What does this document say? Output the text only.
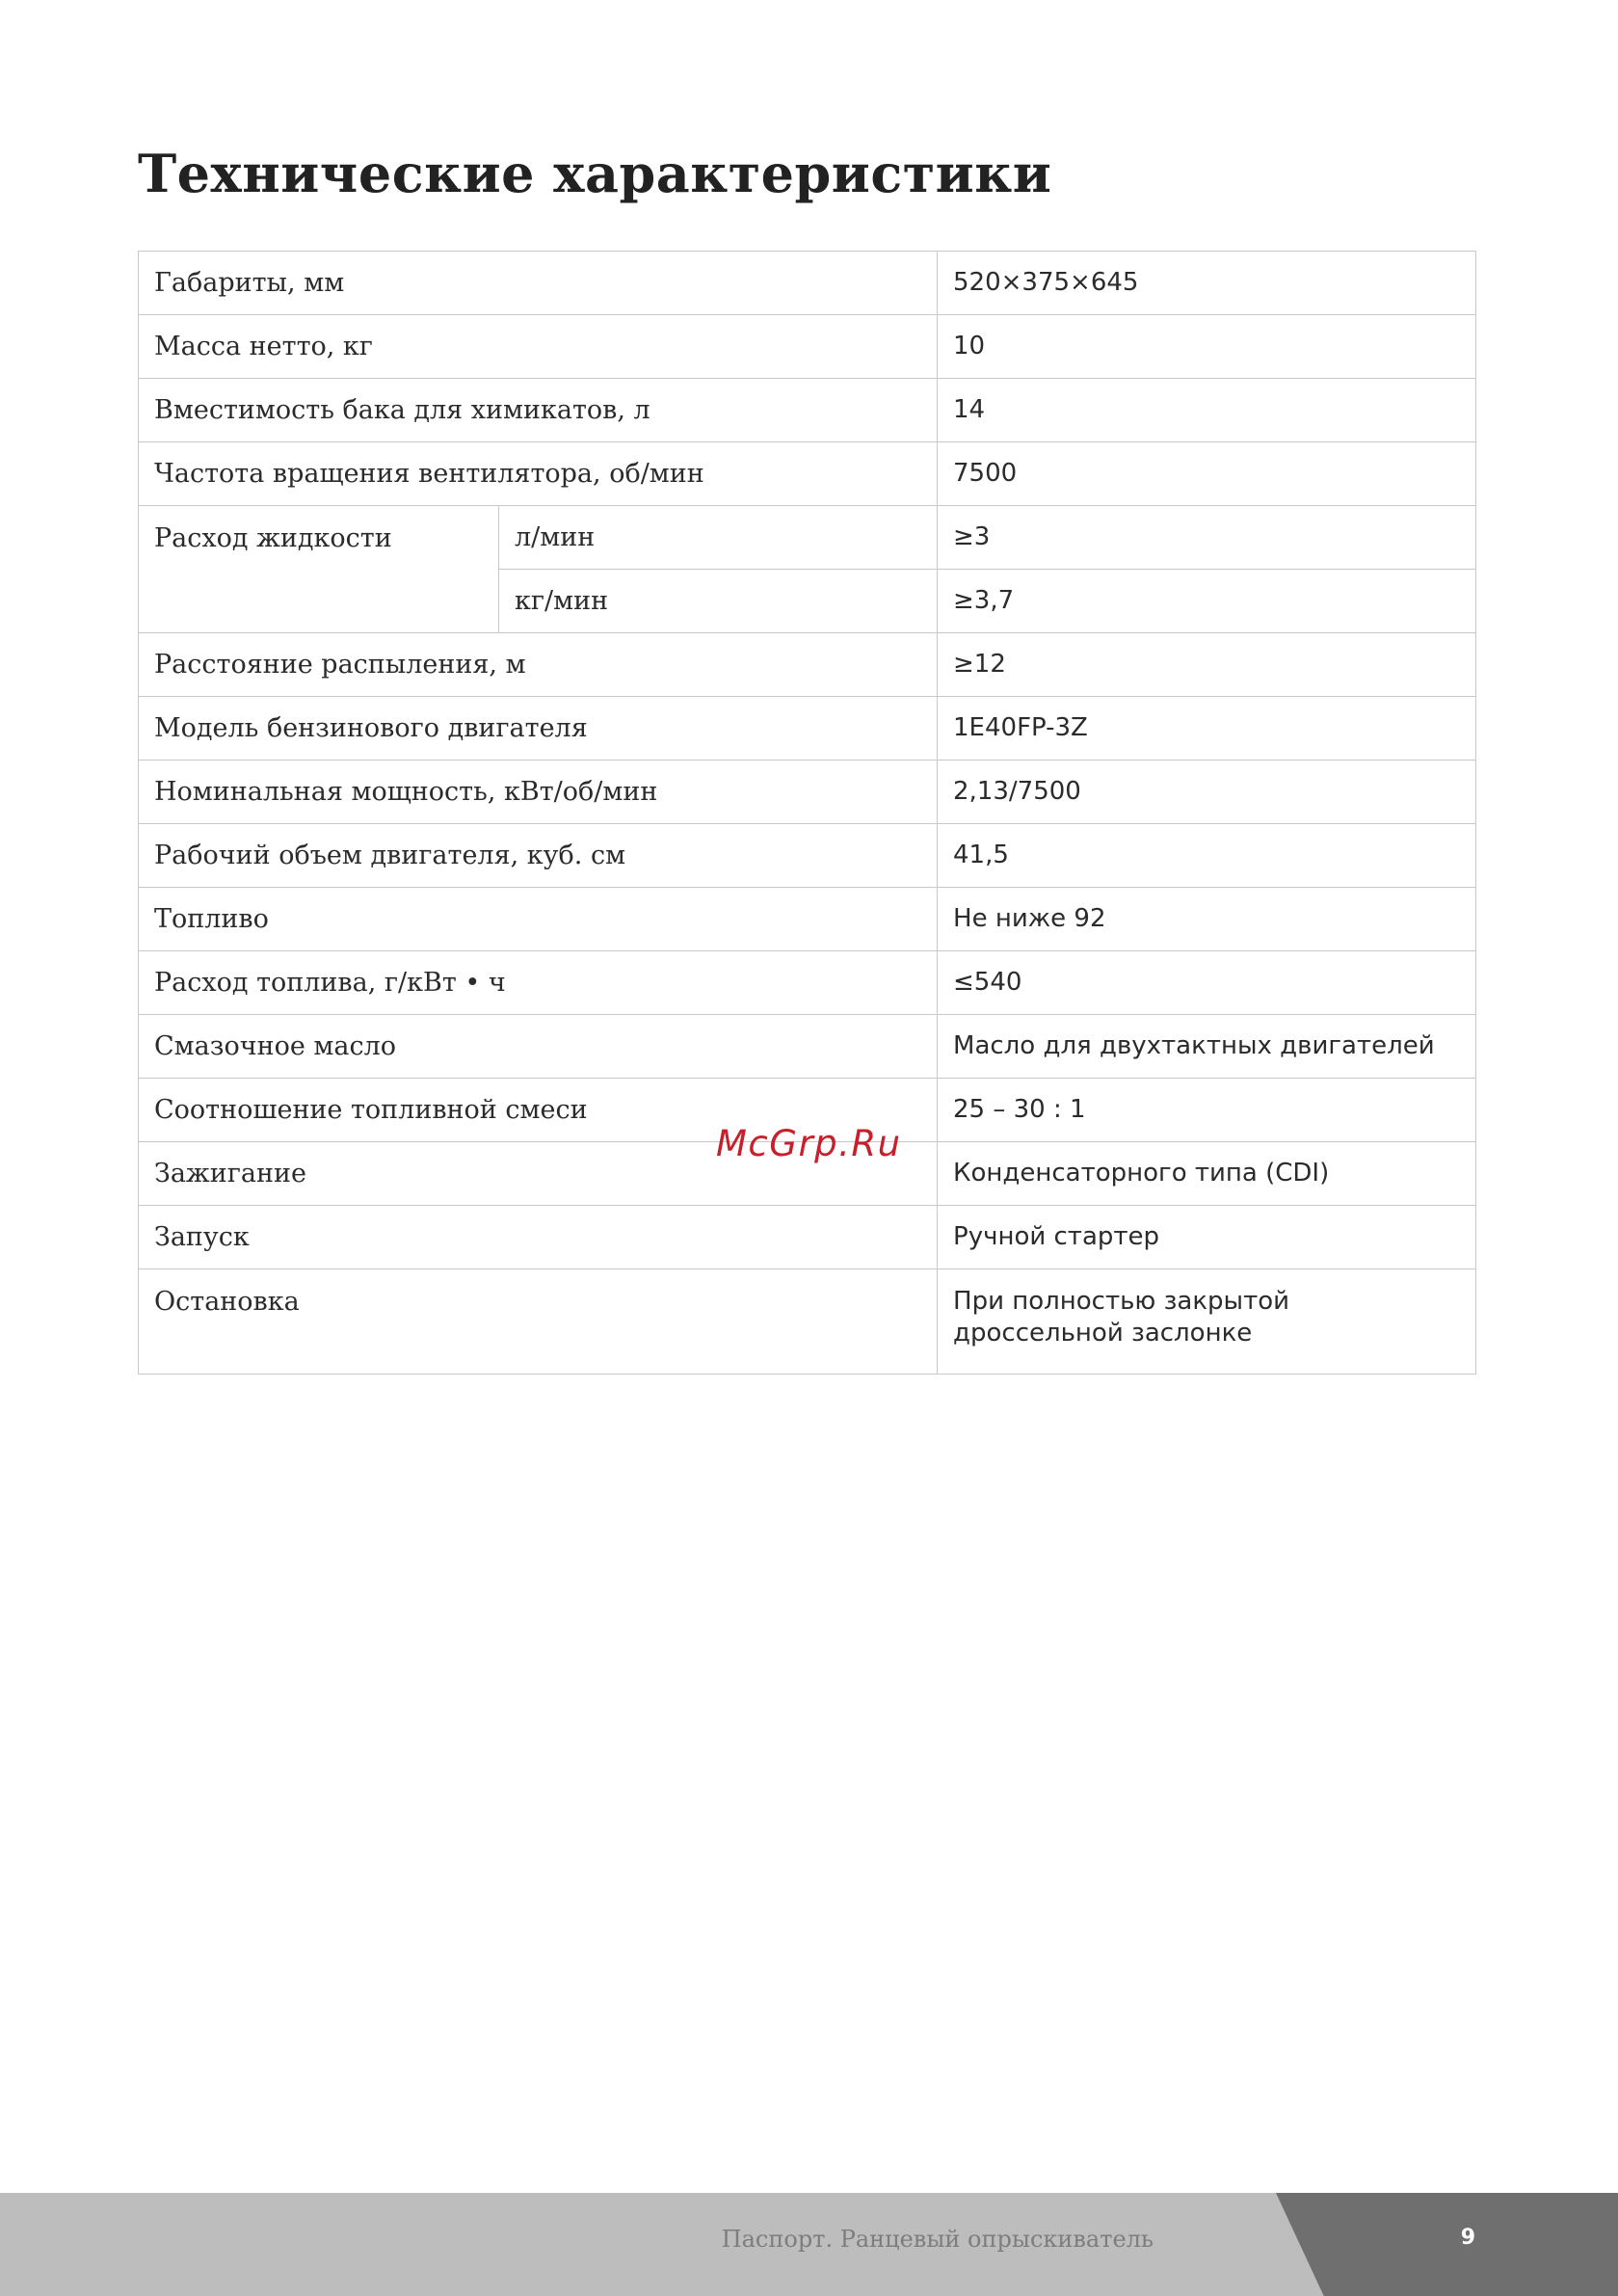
Технические характеристики
Габариты, мм		520×375×645
Масса нетто, кг		10
Вместимость бака для химикатов, л		14
Частота вращения вентилятора, об/мин		7500
Расход жидкости	л/мин	≥3
	кг/мин	≥3,7
Расстояние распыления, м		≥12
Модель бензинового двигателя		1E40FP-3Z
Номинальная мощность, кВт/об/мин		2,13/7500
Рабочий объем двигателя, куб. см		41,5
Топливо		Не ниже 92
Расход топлива, г/кВт • ч		≤540
Смазочное масло		Масло для двухтактных двигателей
Соотношение топливной смеси		25 – 30 : 1
Зажигание		Конденсаторного типа (CDI)
Запуск		Ручной стартер
Остановка		При полностью закрытой
дроссельной заслонке
McGrp.Ru
Паспорт. Ранцевый опрыскиватель	9
